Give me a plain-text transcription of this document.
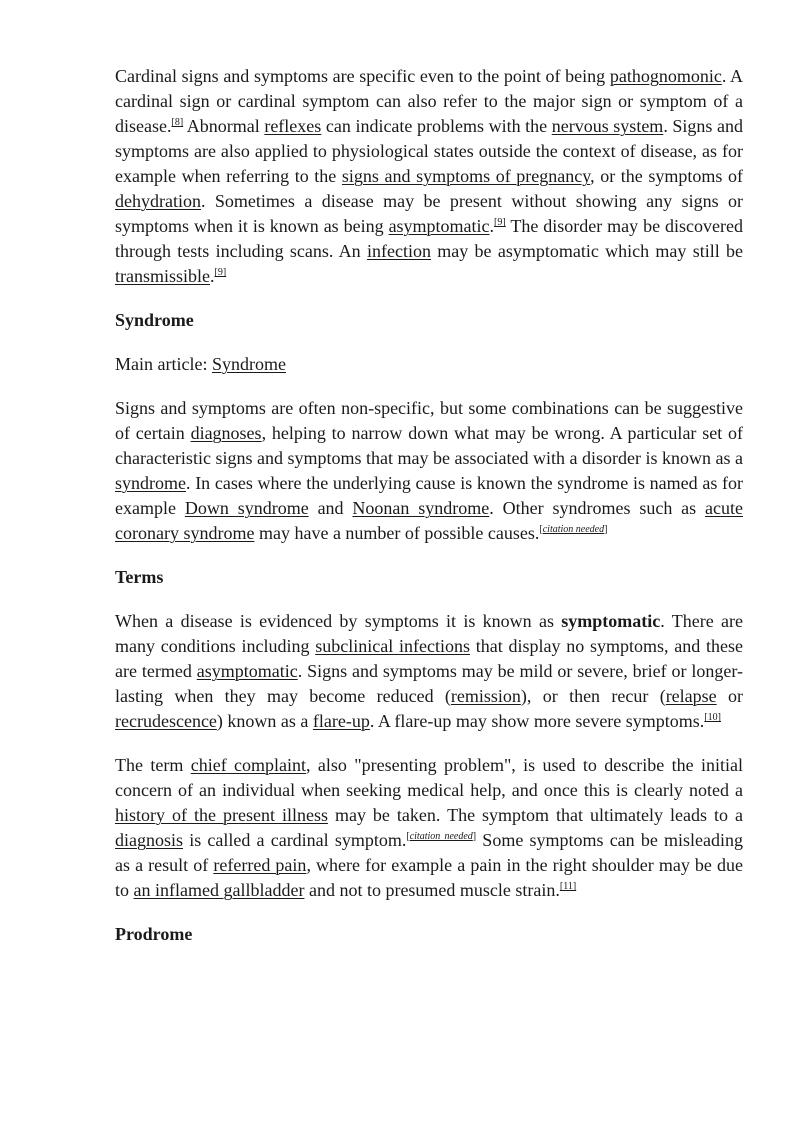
Cardinal signs and symptoms are specific even to the point of being pathognomonic. A cardinal sign or cardinal symptom can also refer to the major sign or symptom of a disease.[8] Abnormal reflexes can indicate problems with the nervous system. Signs and symptoms are also applied to physiological states outside the context of disease, as for example when referring to the signs and symptoms of pregnancy, or the symptoms of dehydration. Sometimes a disease may be present without showing any signs or symptoms when it is known as being asymptomatic.[9] The disorder may be discovered through tests including scans. An infection may be asymptomatic which may still be transmissible.[9]

Syndrome

Main article: Syndrome

Signs and symptoms are often non-specific, but some combinations can be suggestive of certain diagnoses, helping to narrow down what may be wrong. A particular set of characteristic signs and symptoms that may be associated with a disorder is known as a syndrome. In cases where the underlying cause is known the syndrome is named as for example Down syndrome and Noonan syndrome. Other syndromes such as acute coronary syndrome may have a number of possible causes.[citation needed]

Terms

When a disease is evidenced by symptoms it is known as symptomatic. There are many conditions including subclinical infections that display no symptoms, and these are termed asymptomatic. Signs and symptoms may be mild or severe, brief or longer-lasting when they may become reduced (remission), or then recur (relapse or recrudescence) known as a flare-up. A flare-up may show more severe symptoms.[10]

The term chief complaint, also "presenting problem", is used to describe the initial concern of an individual when seeking medical help, and once this is clearly noted a history of the present illness may be taken. The symptom that ultimately leads to a diagnosis is called a cardinal symptom.[citation needed] Some symptoms can be misleading as a result of referred pain, where for example a pain in the right shoulder may be due to an inflamed gallbladder and not to presumed muscle strain.[11]

Prodrome
